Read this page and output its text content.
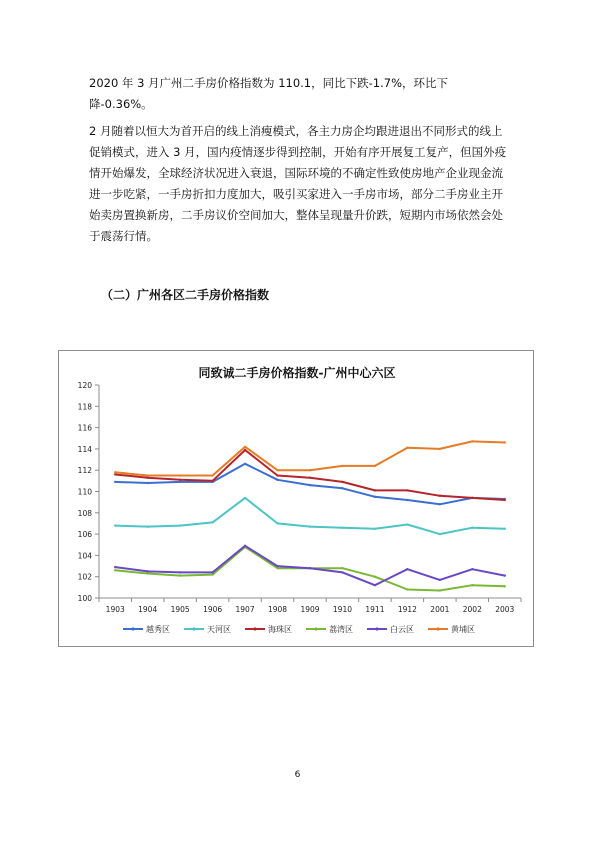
2020 年 3 月广州二手房价格指数为 110.1，同比下跌-1.7%，环比下降-0.36%。

2 月随着以恒大为首开启的线上消瘦模式，各主力房企均跟进退出不同形式的线上促销模式，进入 3 月，国内疫情逐步得到控制，开始有序开展复工复产，但国外疫情开始爆发，全球经济状况进入衰退，国际环境的不确定性致使房地产企业现金流进一步吃紧，一手房折扣力度加大，吸引买家进入一手房市场，部分二手房业主开始卖房置换新房，二手房议价空间加大，整体呈现量升价跌，短期内市场依然会处于震荡行情。

（二）广州各区二手房价格指数

同致诚二手房价格指数-广州中心六区
100
102
104
106
108
110
112
114
116
118
120
1903 1904 1905 1906 1907 1908 1909 1910 1911 1912 2001 2002 2003
越秀区	天河区	海珠区	荔湾区	白云区	黄埔区
6
